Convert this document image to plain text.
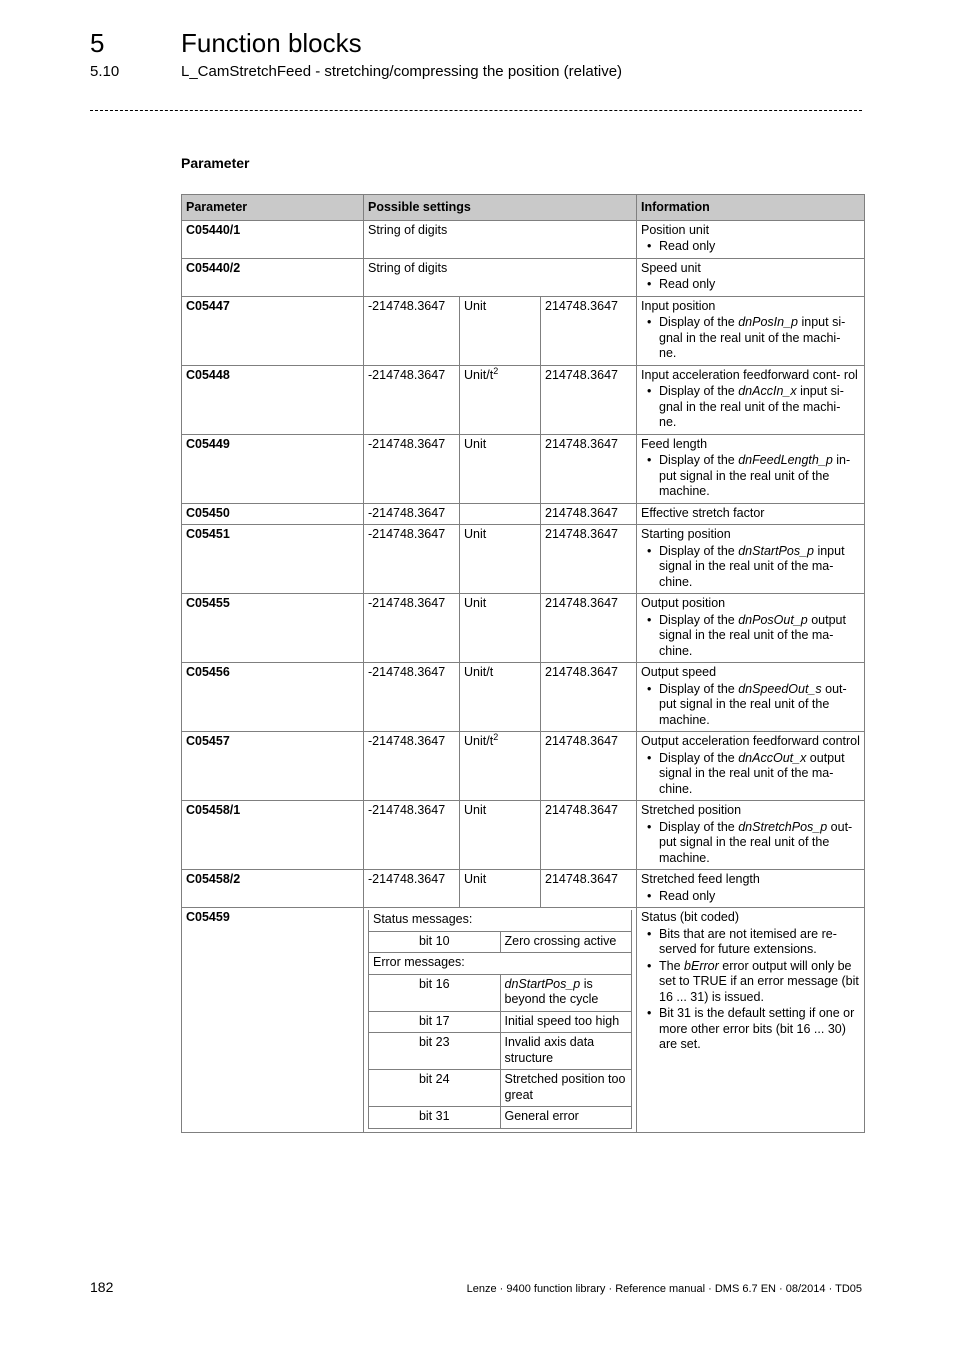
5	Function blocks
5.10	L_CamStretchFeed - stretching/compressing the position (relative)
Parameter
Parameter	Possible settings	Information
C05440/1	String of digits	Position unit
• Read only

C05440/2	String of digits	Speed unit
• Read only

C05447	-214748.3647	Unit	214748.3647	Input position
• Display of the dnPosIn_p input si- gnal in the real unit of the machi- ne.

C05448	-214748.3647	Unit/$t^2$	214748.3647	Input acceleration feedforward cont- rol
• Display of the dnAccIn_x input si- gnal in the real unit of the machi- ne.

C05449	-214748.3647	Unit	214748.3647	Feed length
• Display of the dnFeedLength_p in- put signal in the real unit of the machine.

C05450	-214748.3647		214748.3647	Effective stretch factor

C05451	-214748.3647	Unit	214748.3647	Starting position
• Display of the dnStartPos_p input signal in the real unit of the ma- chine.

C05455	-214748.3647	Unit	214748.3647	Output position
• Display of the dnPosOut_p output signal in the real unit of the ma- chine.

C05456	-214748.3647	Unit/t	214748.3647	Output speed
• Display of the dnSpeedOut_s out- put signal in the real unit of the machine.

C05457	-214748.3647	Unit/$t^2$	214748.3647	Output acceleration feedforward control
• Display of the dnAccOut_x output signal in the real unit of the ma- chine.

C05458/1	-214748.3647	Unit	214748.3647	Stretched position
• Display of the dnStretchPos_p out- put signal in the real unit of the machine.

C05458/2	-214748.3647	Unit	214748.3647	Stretched feed length
• Read only

C05459		Status messages:
bit 10	Zero crossing active
Error messages:
bit 16	dnStartPos_p is beyond the cycle
bit 17	Initial speed too high
bit 23	Invalid axis data structure
bit 24	Stretched position too great
bit 31	General error

Status (bit coded)
• Bits that are not itemised are re- served for future extensions.
• The bError error output will only be set to TRUE if an error message (bit 16 ... 31) is issued.
• Bit 31 is the default setting if one or more other error bits (bit 16 ... 30) are set.
182	Lenze · 9400 function library · Reference manual · DMS 6.7 EN · 08/2014 · TD05
